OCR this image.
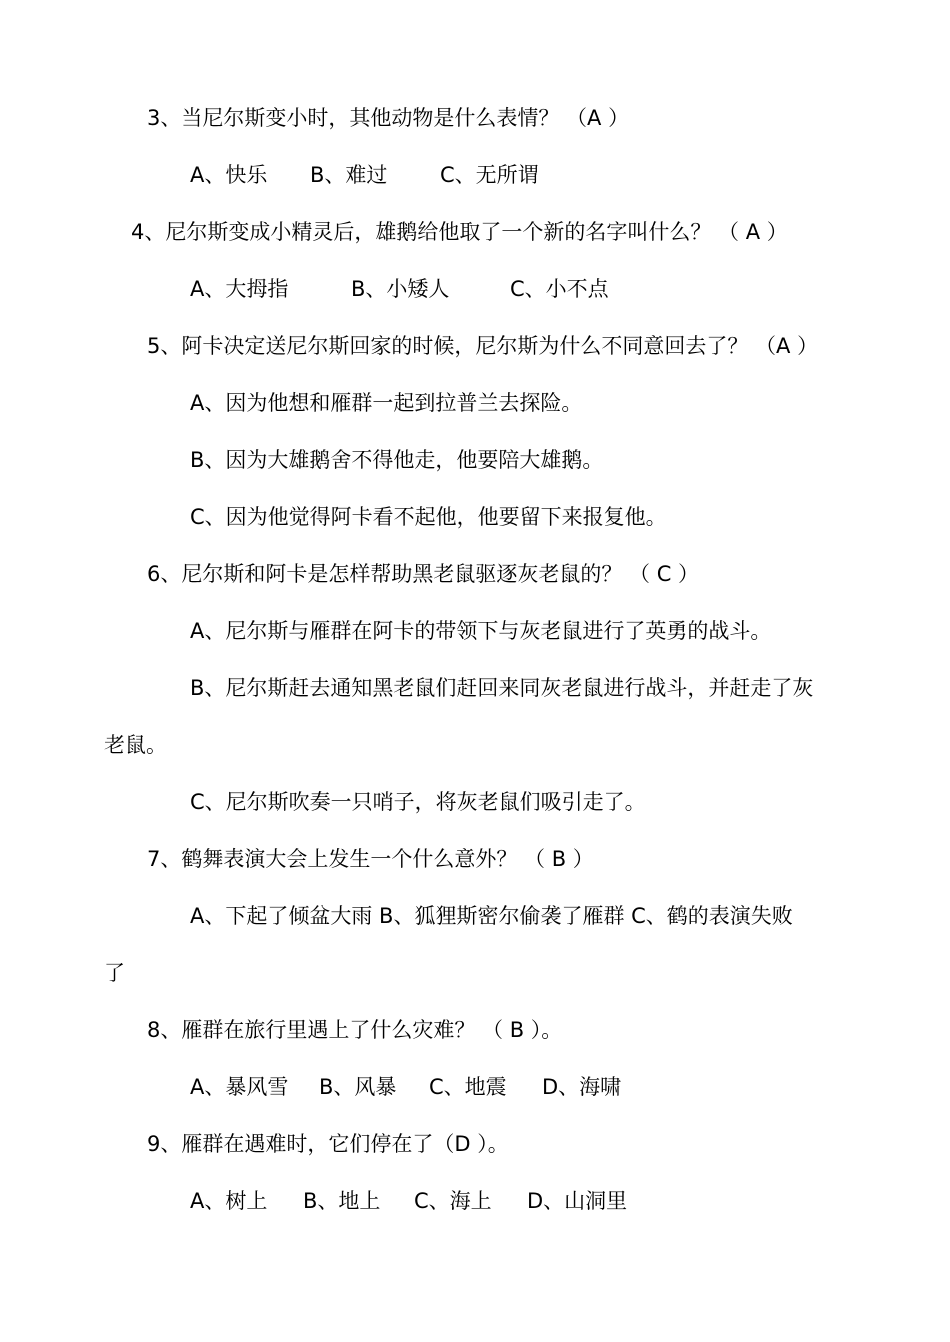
3、当尼尔斯变小时，其他动物是什么表情？ （A ）
A、快乐 B、难过	C、无所谓
4、尼尔斯变成小精灵后，雄鹅给他取了一个新的名字叫什么？ （ A ）
A、大拇指	B、小矮人	C、小不点
5、阿卡决定送尼尔斯回家的时候，尼尔斯为什么不同意回去了？ （A ）
A、因为他想和雁群一起到拉普兰去探险。
B、因为大雄鹅舍不得他走，他要陪大雄鹅。
C、因为他觉得阿卡看不起他，他要留下来报复他。
6、尼尔斯和阿卡是怎样帮助黑老鼠驱逐灰老鼠的？ （ C ）
A、尼尔斯与雁群在阿卡的带领下与灰老鼠进行了英勇的战斗。
B、尼尔斯赶去通知黑老鼠们赶回来同灰老鼠进行战斗，并赶走了灰
老鼠。
C、尼尔斯吹奏一只哨子，将灰老鼠们吸引走了。
7、鹤舞表演大会上发生一个什么意外？ （ B ）
A、下起了倾盆大雨 B、狐狸斯密尔偷袭了雁群 C、鹤的表演失败
了
8、雁群在旅行里遇上了什么灾难？ （ B ）。
A、暴风雪 B、风暴 C、地震 D、海啸
9、雁群在遇难时，它们停在了（D ）。
A、树上 B、地上 C、海上 D、山洞里
